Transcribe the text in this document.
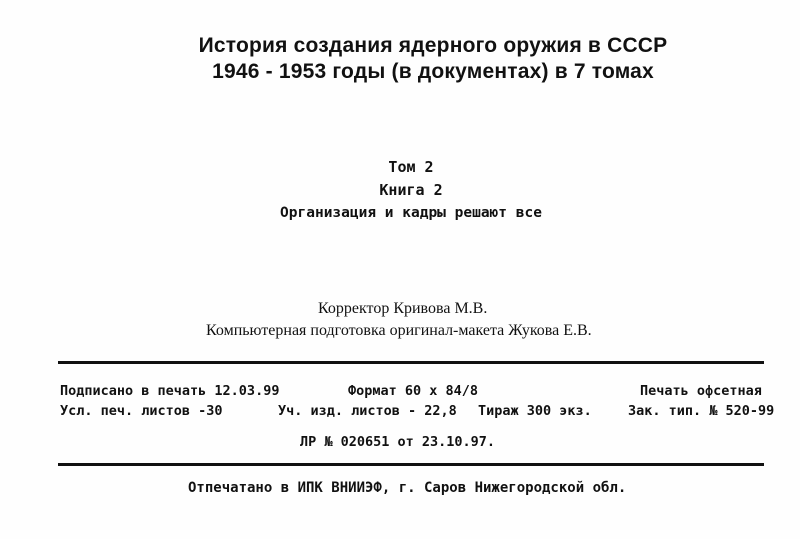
История создания ядерного оружия в СССР
1946 - 1953 годы (в документах) в 7 томах
Том 2
Книга 2
Организация и кадры решают все
Корректор Кривова М.В.
Компьютерная подготовка оригинал-макета Жукова Е.В.
Подписано в печать 12.03.99	Формат 60 x 84/8	Печать офсетная
Усл. печ. листов -30	Уч. изд. листов - 22,8 Тираж 300 экз.	Зак. тип. № 520-99
ЛР № 020651 от 23.10.97.
Отпечатано в ИПК ВНИИЭФ, г. Саров Нижегородской обл.
